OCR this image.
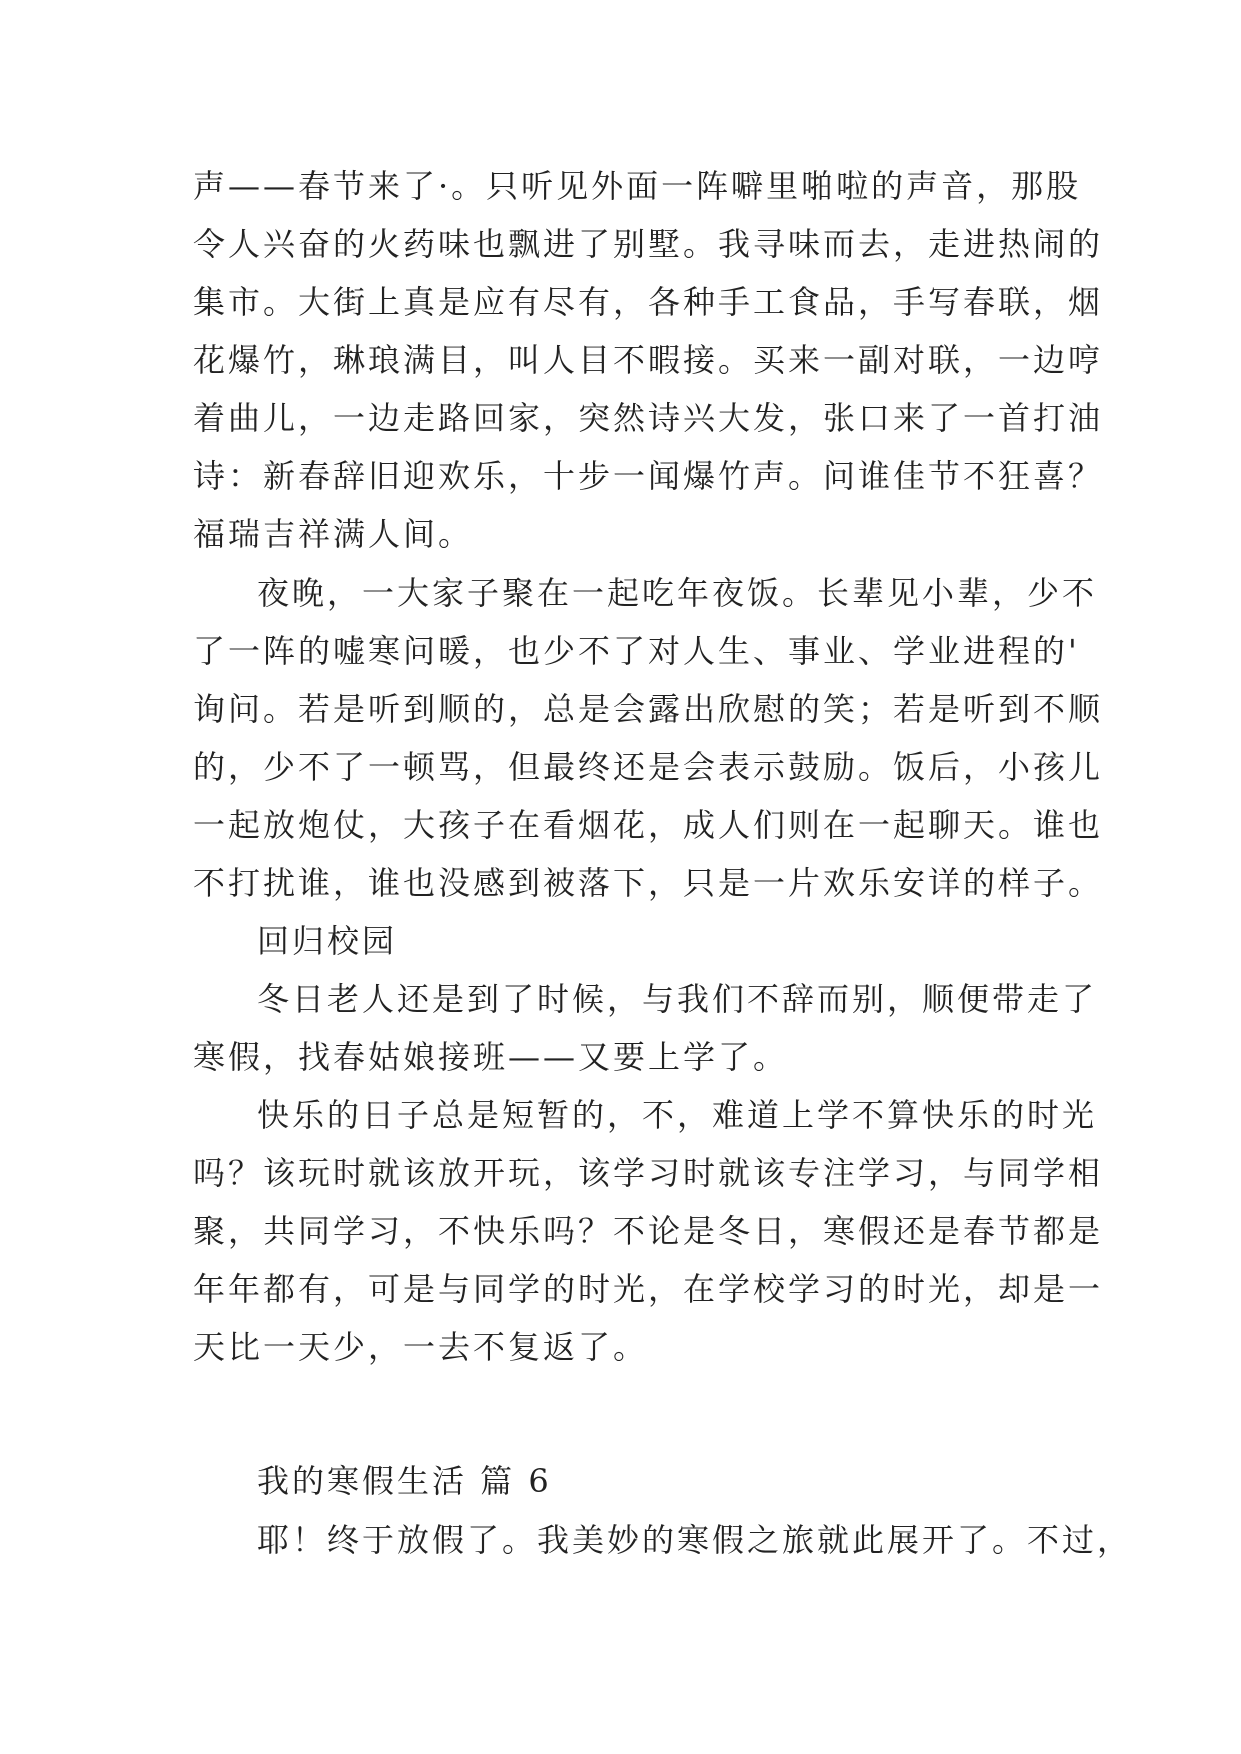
声——春节来了·。只听见外面一阵噼里啪啦的声音，那股
令人兴奋的火药味也飘进了别墅。我寻味而去，走进热闹的
集市。大街上真是应有尽有，各种手工食品，手写春联，烟
花爆竹，琳琅满目，叫人目不暇接。买来一副对联，一边哼
着曲儿，一边走路回家，突然诗兴大发，张口来了一首打油
诗：新春辞旧迎欢乐，十步一闻爆竹声。问谁佳节不狂喜？
福瑞吉祥满人间。
夜晚，一大家子聚在一起吃年夜饭。长辈见小辈，少不
了一阵的嘘寒问暖，也少不了对人生、事业、学业进程的'
询问。若是听到顺的，总是会露出欣慰的笑；若是听到不顺
的，少不了一顿骂，但最终还是会表示鼓励。饭后，小孩儿
一起放炮仗，大孩子在看烟花，成人们则在一起聊天。谁也
不打扰谁，谁也没感到被落下，只是一片欢乐安详的样子。
回归校园
冬日老人还是到了时候，与我们不辞而别，顺便带走了
寒假，找春姑娘接班——又要上学了。
快乐的日子总是短暂的，不，难道上学不算快乐的时光
吗？该玩时就该放开玩，该学习时就该专注学习，与同学相
聚，共同学习，不快乐吗？不论是冬日，寒假还是春节都是
年年都有，可是与同学的时光，在学校学习的时光，却是一
天比一天少，一去不复返了。
我的寒假生活 篇 6
耶！终于放假了。我美妙的寒假之旅就此展开了。不过，
